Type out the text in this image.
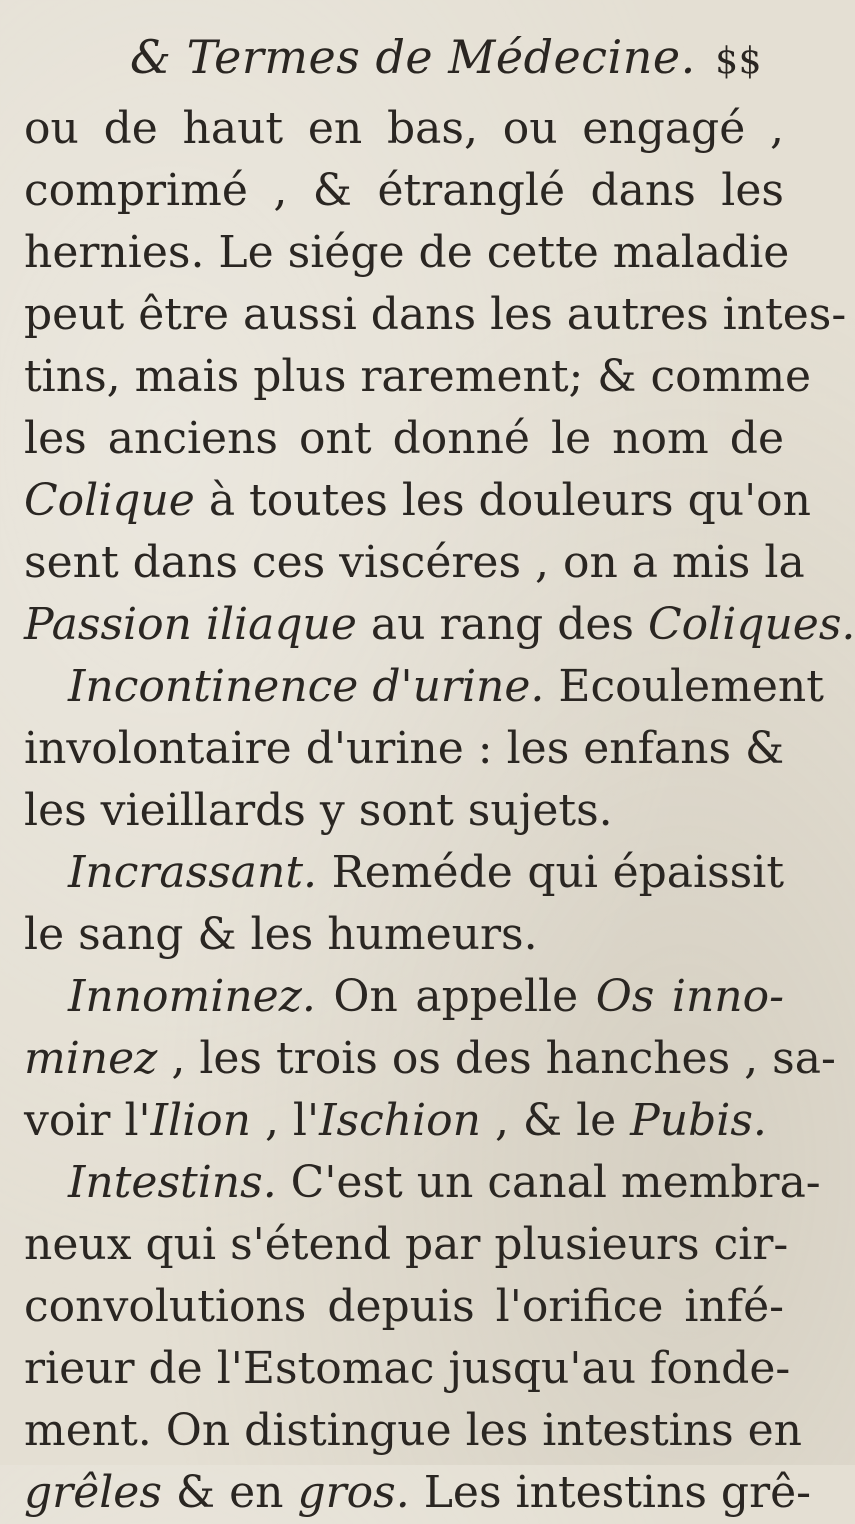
& Termes de Médecine. $$
ou de haut en bas, ou engagé ,
comprimé , & étranglé dans les
hernies. Le siége de cette maladie
peut être aussi dans les autres intes-
tins, mais plus rarement; & comme
les anciens ont donné le nom de
Colique à toutes les douleurs qu'on
sent dans ces viscéres , on a mis la
Passion iliaque au rang des Coliques.
Incontinence d'urine. Ecoulement
involontaire d'urine : les enfans &
les vieillards y sont sujets.
Incrassant. Reméde qui épaissit
le sang & les humeurs.
Innominez. On appelle Os inno-
minez , les trois os des hanches , sa-
voir l'Ilion , l'Ischion , & le Pubis.
Intestins. C'est un canal membra-
neux qui s'étend par plusieurs cir-
convolutions depuis l'orifice infé-
rieur de l'Estomac jusqu'au fonde-
ment. On distingue les intestins en
grêles & en gros. Les intestins grê-
